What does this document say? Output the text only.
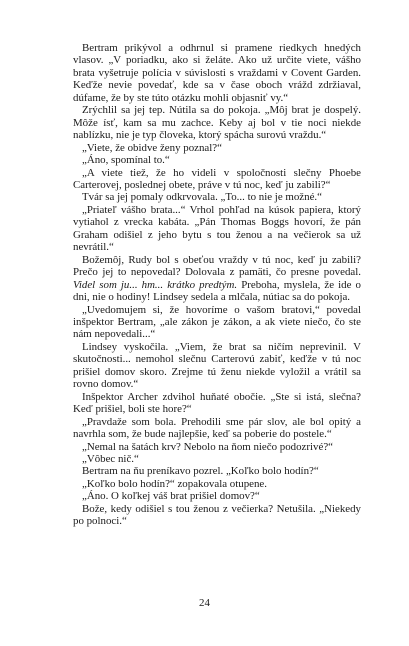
Bertram prikývol a odhrnul si pramene riedkych hnedých vlasov. „V poriadku, ako si želáte. Ako už určite viete, vášho brata vyšetruje polícia v súvislosti s vraždami v Covent Garden. Keďže nevie povedať, kde sa v čase oboch vrážd zdržiaval, dúfame, že by ste túto otázku mohli objasniť vy.“

Zrýchlil sa jej tep. Nútila sa do pokoja. „Môj brat je dospelý. Môže ísť, kam sa mu zachce. Keby aj bol v tie noci niekde nablízku, nie je typ človeka, ktorý spácha surovú vraždu.“

„Viete, že obidve ženy poznal?“

„Áno, spomínal to.“

„A viete tiež, že ho videli v spoločnosti slečny Phoebe Carterovej, poslednej obete, práve v tú noc, keď ju zabili?“

Tvár sa jej pomaly odkrvovala. „To... to nie je možné.“

„Priateľ vášho brata...“ Vrhol pohľad na kúsok papiera, ktorý vytiahol z vrecka kabáta. „Pán Thomas Boggs hovorí, že pán Graham odišiel z jeho bytu s tou ženou a na večierok sa už nevrátil.“

Božemôj, Rudy bol s obeťou vraždy v tú noc, keď ju zabili? Prečo jej to nepovedal? Dolovala z pamäti, čo presne povedal. Videl som ju... hm... krátko predtým. Preboha, myslela, že ide o dni, nie o hodiny! Lindsey sedela a mlčala, nútiac sa do pokoja.

„Uvedomujem si, že hovoríme o vašom bratovi,“ povedal inšpektor Bertram, „ale zákon je zákon, a ak viete niečo, čo ste nám nepovedali...“

Lindsey vyskočila. „Viem, že brat sa ničím neprevinil. V skutočnosti... nemohol slečnu Carterovú zabiť, keďže v tú noc prišiel domov skoro. Zrejme tú ženu niekde vyložil a vrátil sa rovno domov.“

Inšpektor Archer zdvihol huňaté obočie. „Ste si istá, slečna? Keď prišiel, boli ste hore?“

„Pravdaže som bola. Prehodili sme pár slov, ale bol opitý a navrhla som, že bude najlepšie, keď sa poberie do postele.“

„Nemal na šatách krv? Nebolo na ňom niečo podozrivé?“

„Vôbec nič.“

Bertram na ňu preníkavo pozrel. „Koľko bolo hodín?“

„Koľko bolo hodín?“ zopakovala otupene.

„Áno. O koľkej váš brat prišiel domov?“

Bože, kedy odišiel s tou ženou z večierka? Netušila. „Niekedy po polnoci.“

24
